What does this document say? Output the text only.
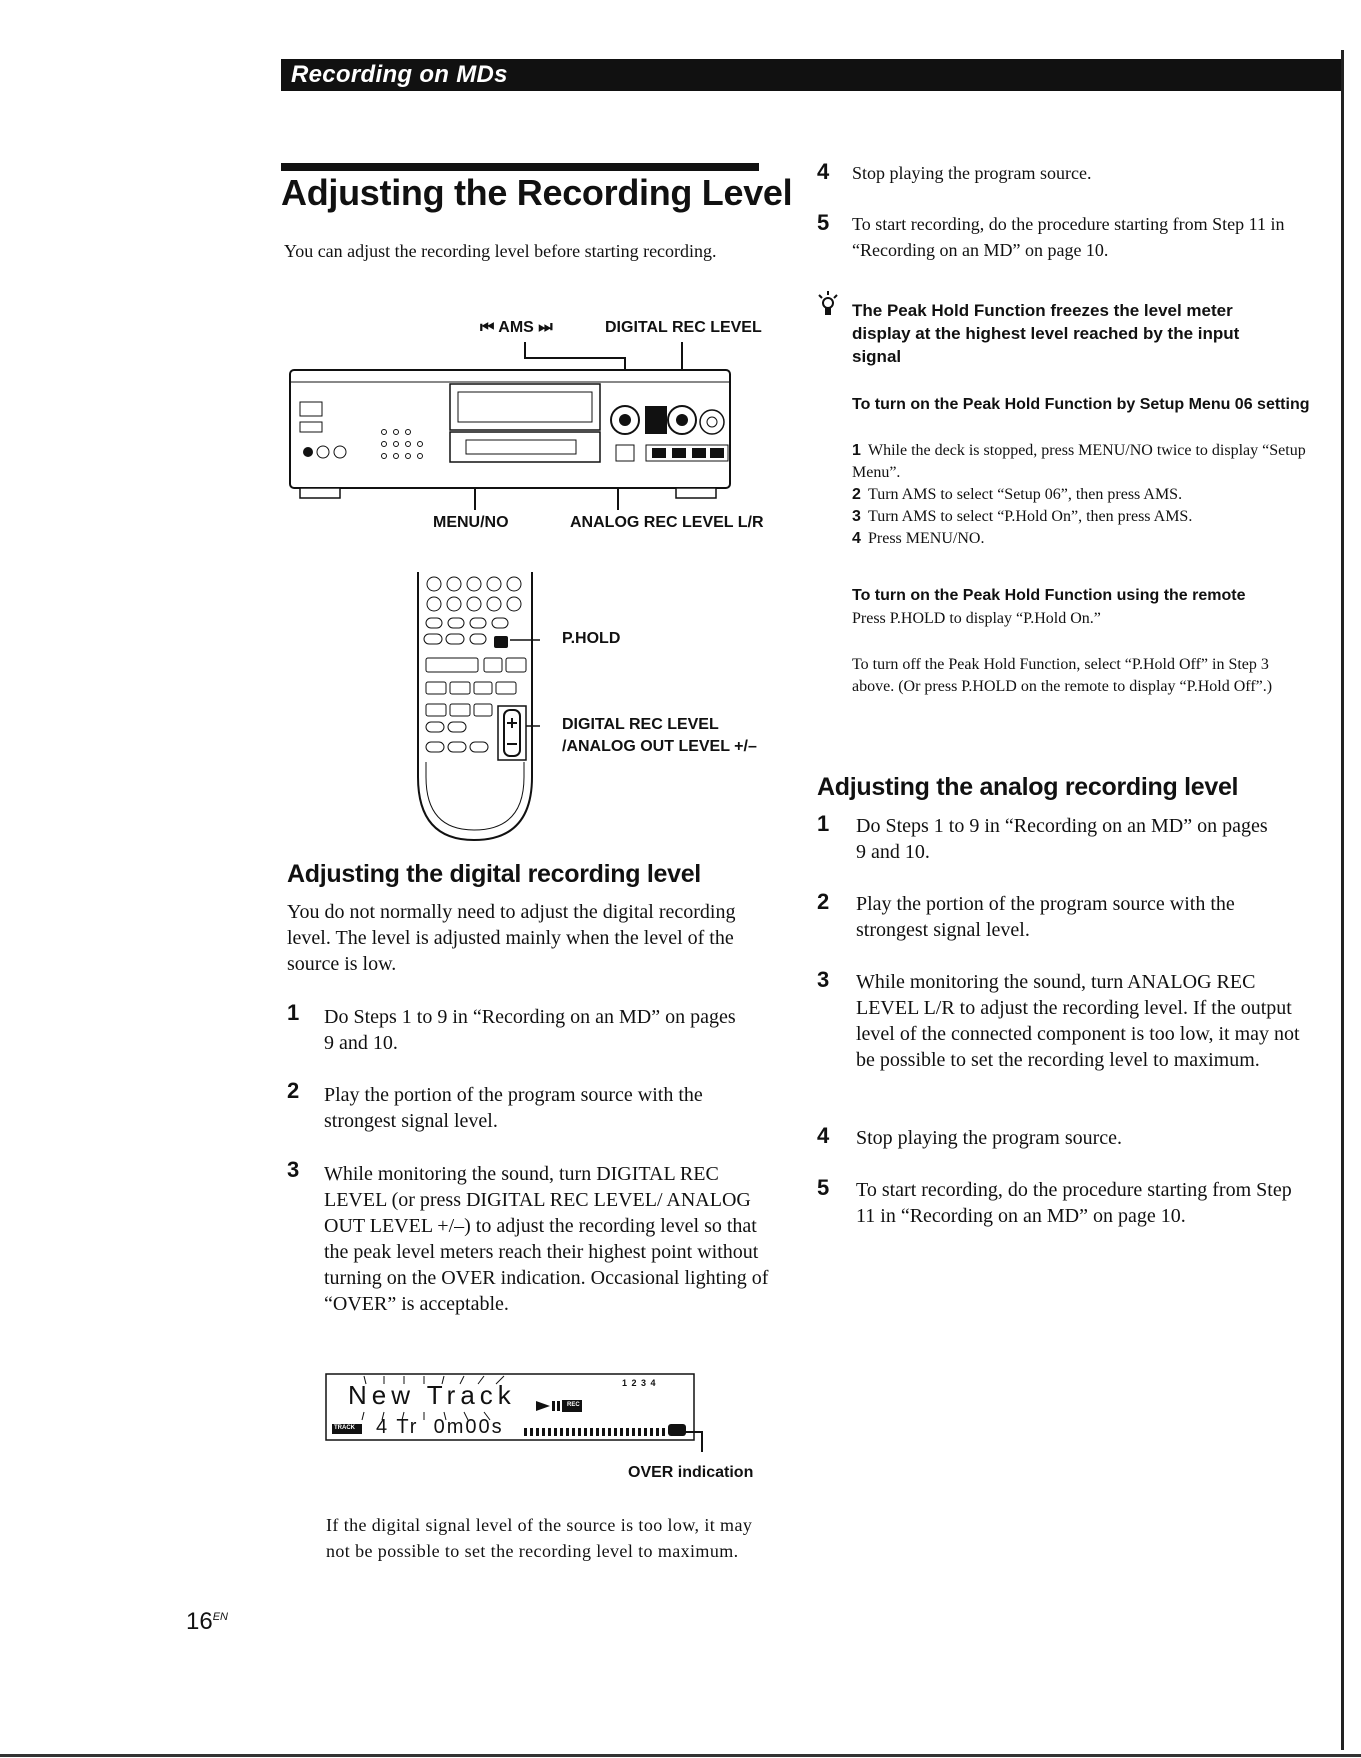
Recording on MDs
Adjusting the Recording Level
You can adjust the recording level before starting recording.
⏮ AMS ⏭	DIGITAL REC LEVEL
MENU/NO	ANALOG REC LEVEL L/R
P.HOLD
DIGITAL REC LEVEL
/ANALOG OUT LEVEL +/–
Adjusting the digital recording level
You do not normally need to adjust the digital recording level. The level is adjusted mainly when the level of the source is low.
1 Do Steps 1 to 9 in “Recording on an MD” on pages 9 and 10.
2 Play the portion of the program source with the strongest signal level.
3 While monitoring the sound, turn DIGITAL REC LEVEL (or press DIGITAL REC LEVEL/ ANALOG OUT LEVEL +/–) to adjust the recording level so that the peak level meters reach their highest point without turning on the OVER indication. Occasional lighting of “OVER” is acceptable.
New Track	1 2 3 4
TRACK
REC
4 Tr  0m00s
OVER indication
If the digital signal level of the source is too low, it may not be possible to set the recording level to maximum.
$16^{EN}$
4 Stop playing the program source.
5 To start recording, do the procedure starting from Step 11 in “Recording on an MD” on page 10.
The Peak Hold Function freezes the level meter display at the highest level reached by the input signal
To turn on the Peak Hold Function by Setup Menu 06 setting
1 While the deck is stopped, press MENU/NO twice to display “Setup Menu”.
2 Turn AMS to select “Setup 06”, then press AMS.
3 Turn AMS to select “P.Hold On”, then press AMS.
4 Press MENU/NO.
To turn on the Peak Hold Function using the remote
Press P.HOLD to display “P.Hold On.”
To turn off the Peak Hold Function, select “P.Hold Off” in Step 3 above. (Or press P.HOLD on the remote to display “P.Hold Off”.)
Adjusting the analog recording level
1 Do Steps 1 to 9 in “Recording on an MD” on pages 9 and 10.
2 Play the portion of the program source with the strongest signal level.
3 While monitoring the sound, turn ANALOG REC LEVEL L/R to adjust the recording level. If the output level of the connected component is too low, it may not be possible to set the recording level to maximum.
4 Stop playing the program source.
5 To start recording, do the procedure starting from Step 11 in “Recording on an MD” on page 10.
